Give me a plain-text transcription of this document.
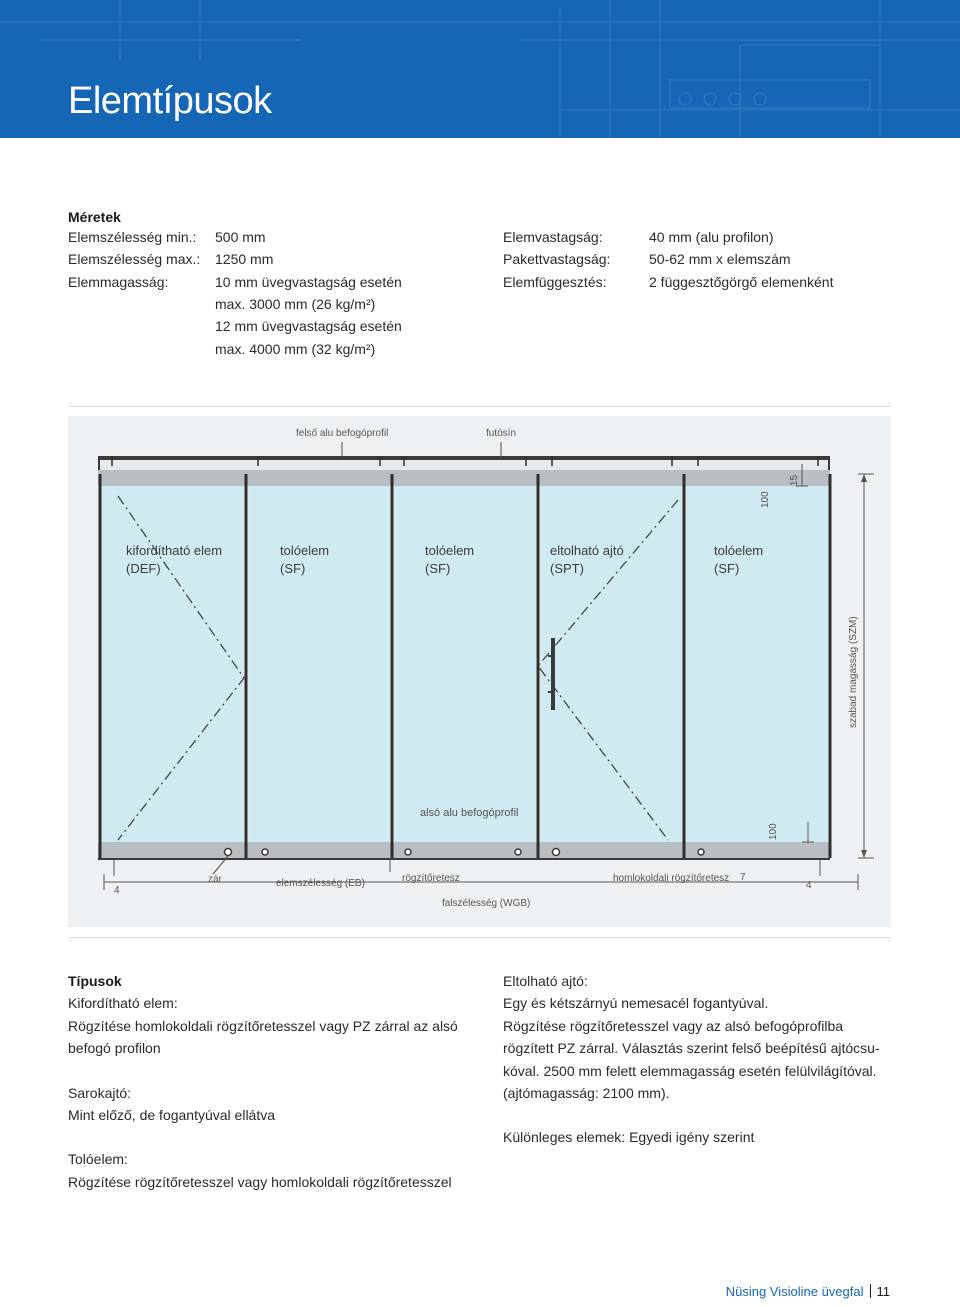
Elemtípusok
Méretek
Elemszélesség min.: 500 mm
Elemszélesség max.: 1250 mm
Elemmagasság:	10 mm üvegvastagság esetén
max. 3000 mm (26 kg/m²)
12 mm üvegvastagság esetén
max. 4000 mm (32 kg/m²)
Elemvastagság:	40 mm (alu profilon)
Pakettvastagság:	50-62 mm x elemszám
Elemfüggesztés:	2 függesztőgörgő elemenként
felső alu befogóprofil	futósín
kifordítható elem
(DEF)
tolóelem
(SF)
tolóelem
(SF)
eltolható ajtó
(SPT)
tolóelem
(SF)
100
15
szabad magasság (SZM)
100
alsó alu befogóprofil
4
zár	elemszélesség (EB)	rögzítőretesz	homlokoldali rögzítőretesz 7
4
falszélesség (WGB)
Típusok
Kifordítható elem:
Rögzítése homlokoldali rögzítőretesszel vagy PZ zárral az alsó
befogó profilon
Sarokajtó:
Mint előző, de fogantyúval ellátva
Tolóelem:
Rögzítése rögzítőretesszel vagy homlokoldali rögzítőretesszel
Eltolható ajtó:
Egy és kétszárnyú nemesacél fogantyúval.
Rögzítése rögzítőretesszel vagy az alsó befogóprofilba
rögzített PZ zárral. Választás szerint felső beépítésű ajtócsu-
kóval. 2500 mm felett elemmagasság esetén felülvilágítóval.
(ajtómagasság: 2100 mm).
Különleges elemek: Egyedi igény szerint
Nüsing Visioline üvegfal 11
